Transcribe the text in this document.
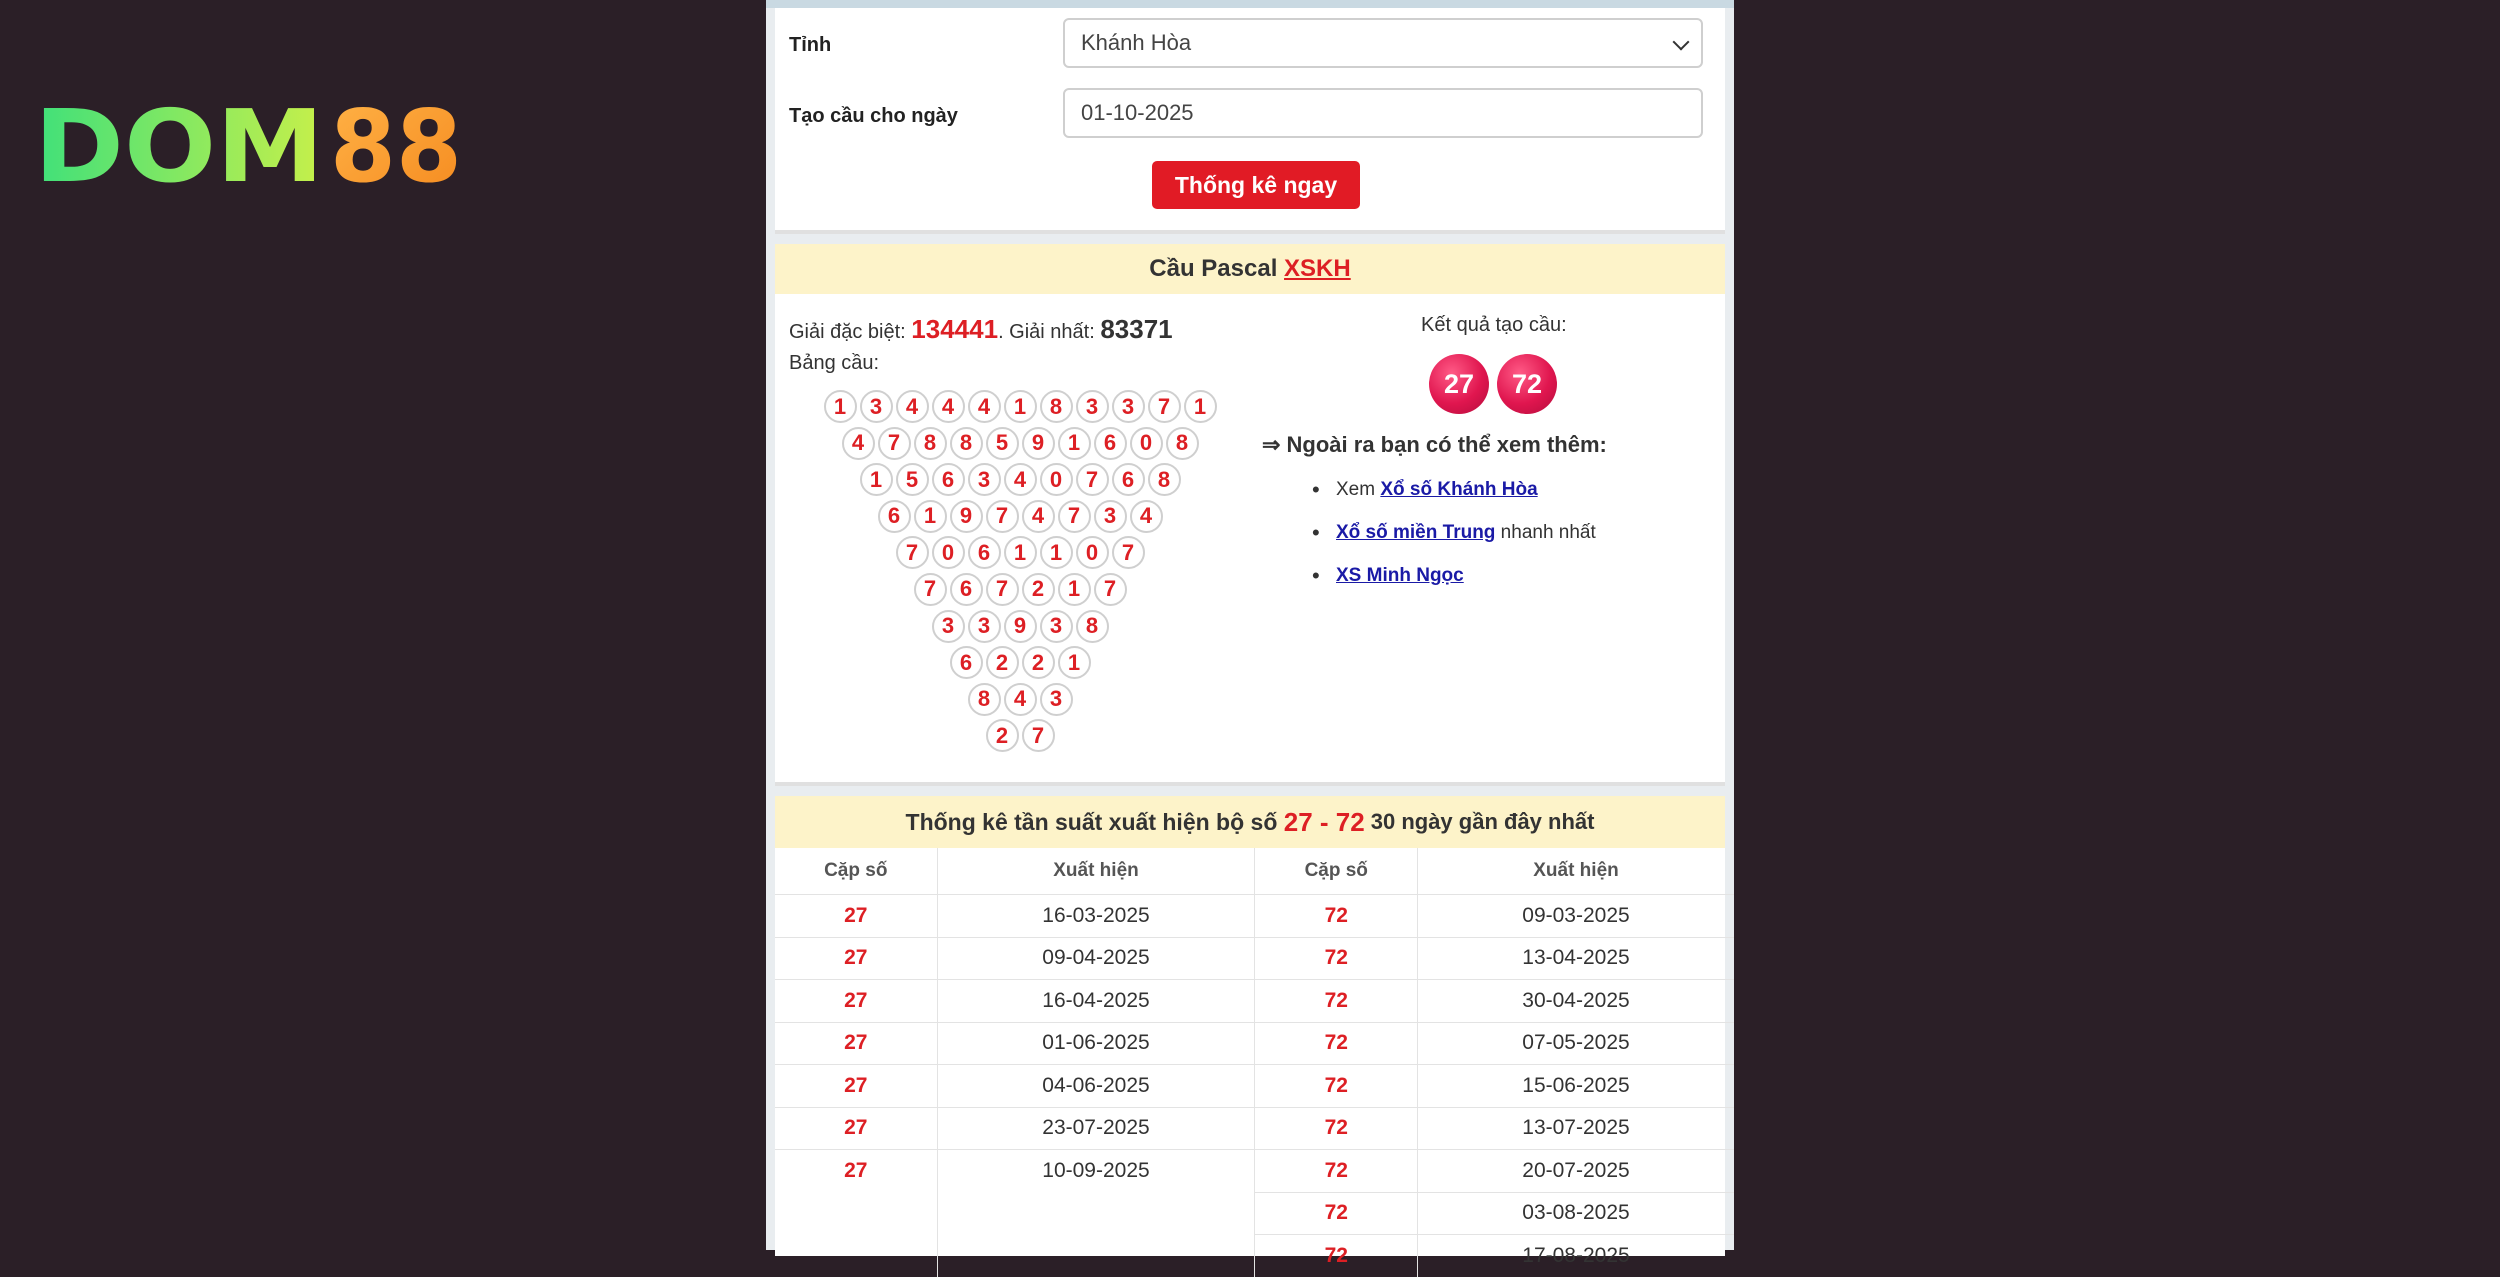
DOM 88
Tỉnh	Khánh Hòa
Tạo cầu cho ngày	01-10-2025
Thống kê ngay
Cầu Pascal XSKH
Giải đặc biệt: 134441. Giải nhất: 83371
Bảng cầu:
1	3	4	4	4	1	8	3	3	7	1
4	7	8	8	5	9	1	6	0	8
1	5	6	3	4	0	7	6	8
6	1	9	7	4	7	3	4
7	0	6	1	1	0	7
7	6	7	2	1	7
3	3	9	3	8
6	2	2	1
8	4	3
2	7
Kết quả tạo cầu:
27	72
⇒ Ngoài ra bạn có thể xem thêm:
• Xem Xổ số Khánh Hòa
• Xổ số miền Trung nhanh nhất
• XS Minh Ngọc
Thống kê tần suất xuất hiện bộ số 27 - 72 30 ngày gần đây nhất
Cặp số	Xuất hiện	Cặp số	Xuất hiện
27	16-03-2025	72	09-03-2025
27	09-04-2025	72	13-04-2025
27	16-04-2025	72	30-04-2025
27	01-06-2025	72	07-05-2025
27	04-06-2025	72	15-06-2025
27	23-07-2025	72	13-07-2025
27	10-09-2025	72	20-07-2025
		72	03-08-2025
		72	17-08-2025
